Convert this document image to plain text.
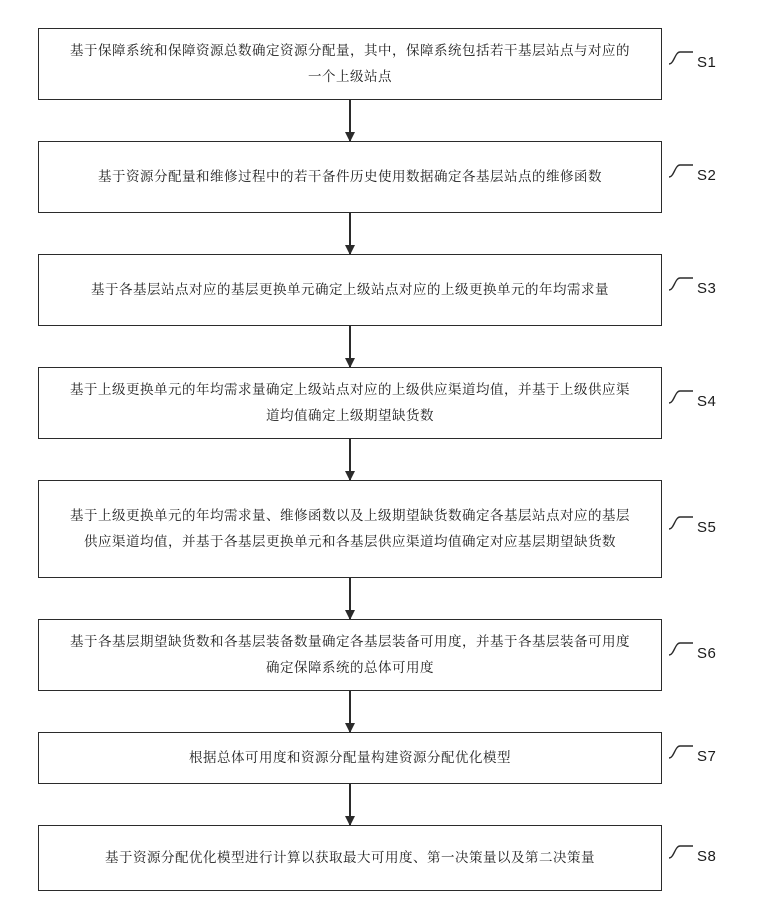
基于保障系统和保障资源总数确定资源分配量，其中，保障系统包括若干基层站点与对应的一个上级站点
S1
基于资源分配量和维修过程中的若干备件历史使用数据确定各基层站点的维修函数	S2
基于各基层站点对应的基层更换单元确定上级站点对应的上级更换单元的年均需求量	S3
基于上级更换单元的年均需求量确定上级站点对应的上级供应渠道均值，并基于上级供应渠道均值确定上级期望缺货数
S4
基于上级更换单元的年均需求量、维修函数以及上级期望缺货数确定各基层站点对应的基层供应渠道均值，并基于各基层更换单元和各基层供应渠道均值确定对应基层期望缺货数
S5
基于各基层期望缺货数和各基层装备数量确定各基层装备可用度，并基于各基层装备可用度确定保障系统的总体可用度
S6
根据总体可用度和资源分配量构建资源分配优化模型	S7
基于资源分配优化模型进行计算以获取最大可用度、第一决策量以及第二决策量	S8
